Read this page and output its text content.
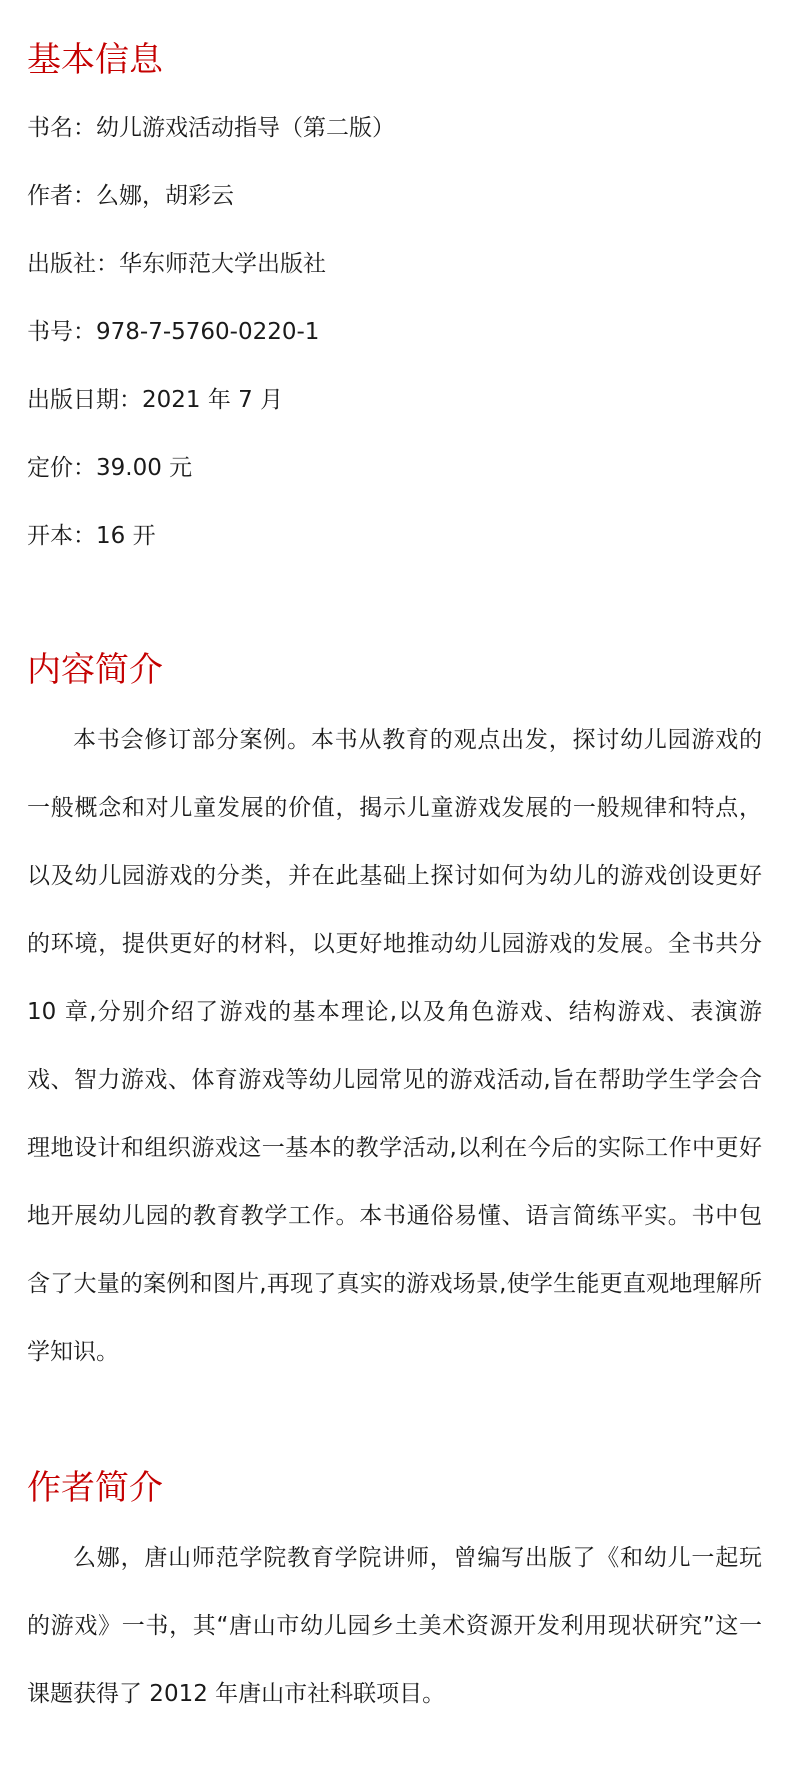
基本信息
书名：幼儿游戏活动指导（第二版）
作者：么娜，胡彩云
出版社：华东师范大学出版社
书号：978-7-5760-0220-1
出版日期：2021 年 7 月
定价：39.00 元
开本：16 开
内容简介

本书会修订部分案例。本书从教育的观点出发，探讨幼儿园游戏的一般概念和对儿童发展的价值，揭示儿童游戏发展的一般规律和特点，以及幼儿园游戏的分类，并在此基础上探讨如何为幼儿的游戏创设更好的环境，提供更好的材料，以更好地推动幼儿园游戏的发展。全书共分 10 章,分别介绍了游戏的基本理论,以及角色游戏、结构游戏、表演游戏、智力游戏、体育游戏等幼儿园常见的游戏活动,旨在帮助学生学会合理地设计和组织游戏这一基本的教学活动,以利在今后的实际工作中更好地开展幼儿园的教育教学工作。本书通俗易懂、语言简练平实。书中包含了大量的案例和图片,再现了真实的游戏场景,使学生能更直观地理解所学知识。

作者简介

么娜，唐山师范学院教育学院讲师，曾编写出版了《和幼儿一起玩的游戏》一书，其“唐山市幼儿园乡土美术资源开发利用现状研究”这一课题获得了 2012 年唐山市社科联项目。
